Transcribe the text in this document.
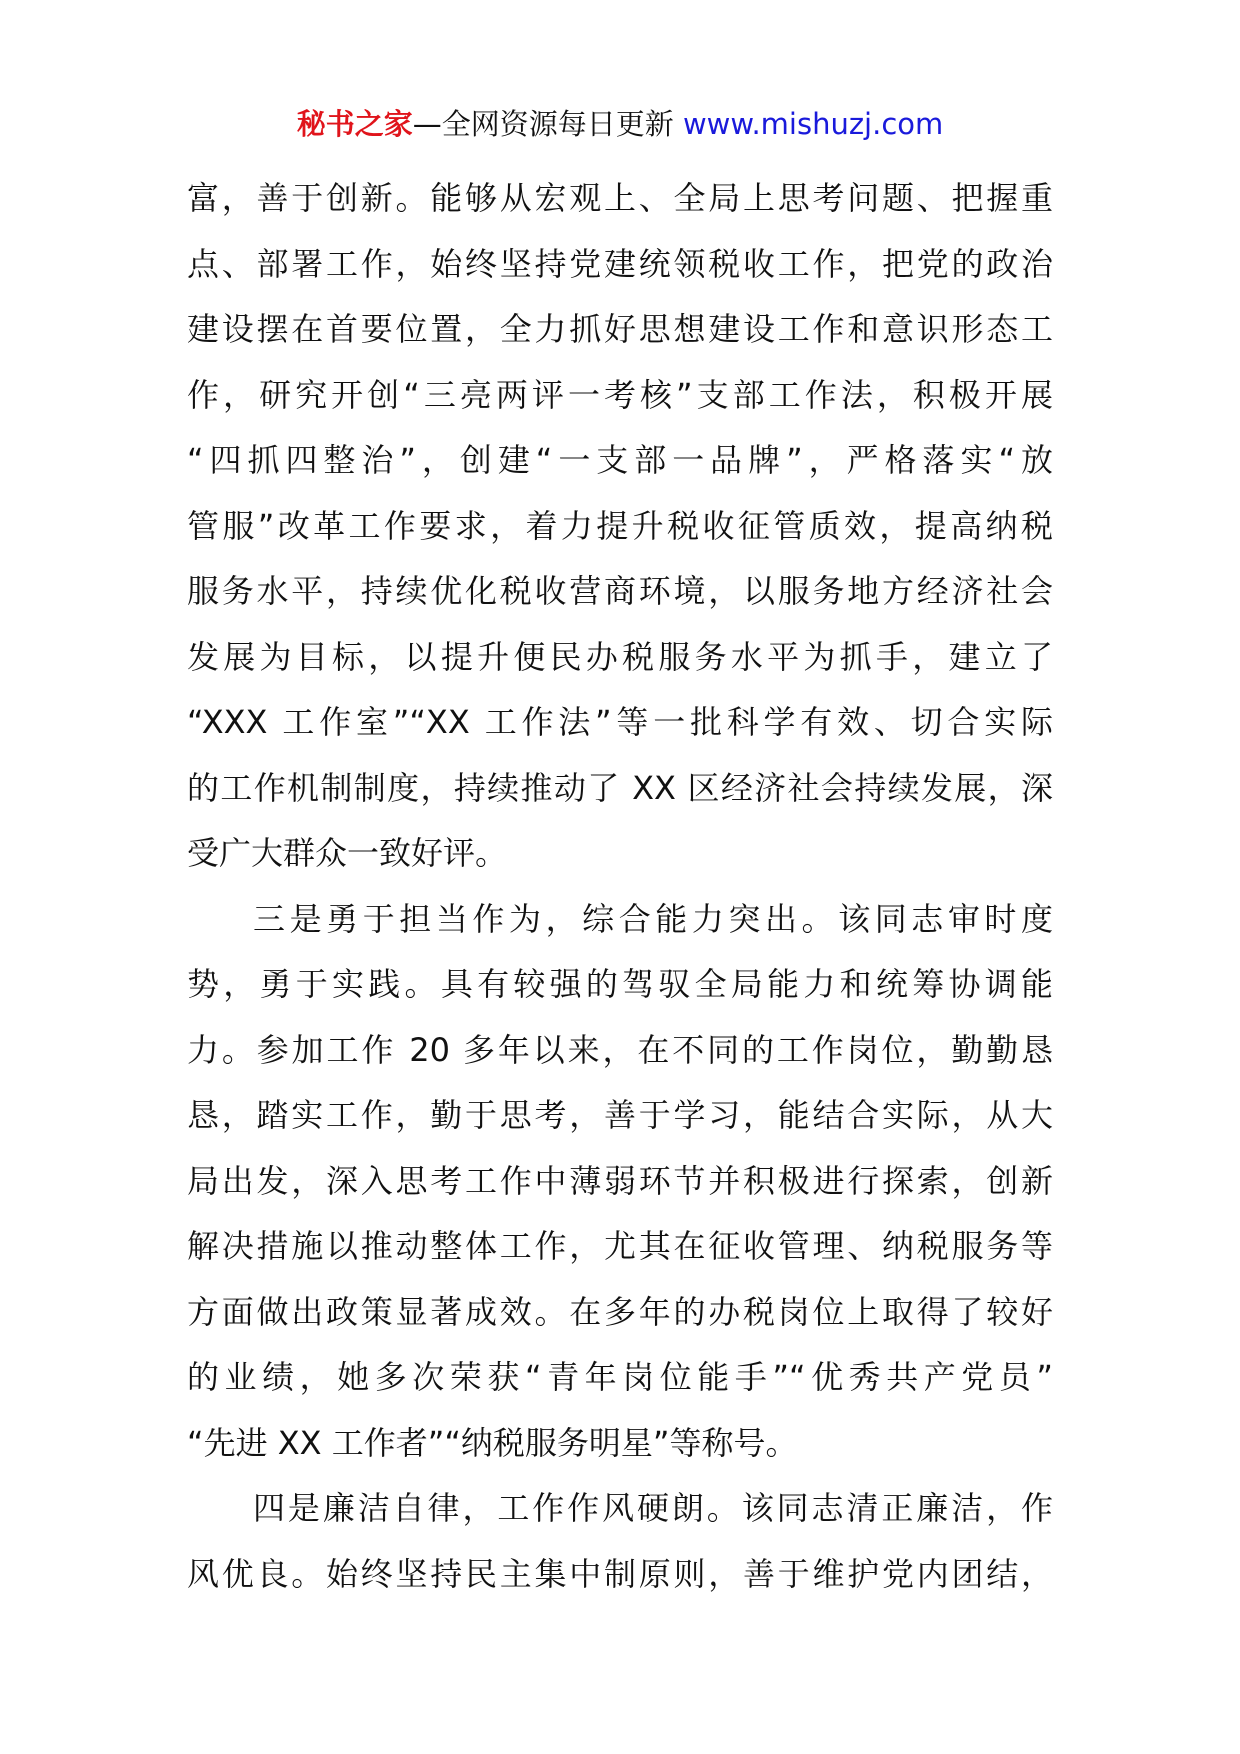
秘书之家—全网资源每日更新 www.mishuzj.com
富，善于创新。能够从宏观上、全局上思考问题、把握重
点、部署工作，始终坚持党建统领税收工作，把党的政治
建设摆在首要位置，全力抓好思想建设工作和意识形态工
作，研究开创“三亮两评一考核”支部工作法，积极开展
“四抓四整治”，创建“一支部一品牌”，严格落实“放
管服”改革工作要求，着力提升税收征管质效，提高纳税
服务水平，持续优化税收营商环境，以服务地方经济社会
发展为目标，以提升便民办税服务水平为抓手，建立了
“XXX 工作室”“XX 工作法”等一批科学有效、切合实际
的工作机制制度，持续推动了 XX 区经济社会持续发展，深
受广大群众一致好评。
三是勇于担当作为，综合能力突出。该同志审时度
势，勇于实践。具有较强的驾驭全局能力和统筹协调能
力。参加工作 20 多年以来，在不同的工作岗位，勤勤恳
恳，踏实工作，勤于思考，善于学习，能结合实际，从大
局出发，深入思考工作中薄弱环节并积极进行探索，创新
解决措施以推动整体工作，尤其在征收管理、纳税服务等
方面做出政策显著成效。在多年的办税岗位上取得了较好
的业绩，她多次荣获“青年岗位能手”“优秀共产党员”
“先进 XX 工作者”“纳税服务明星”等称号。
四是廉洁自律，工作作风硬朗。该同志清正廉洁，作
风优良。始终坚持民主集中制原则，善于维护党内团结，
